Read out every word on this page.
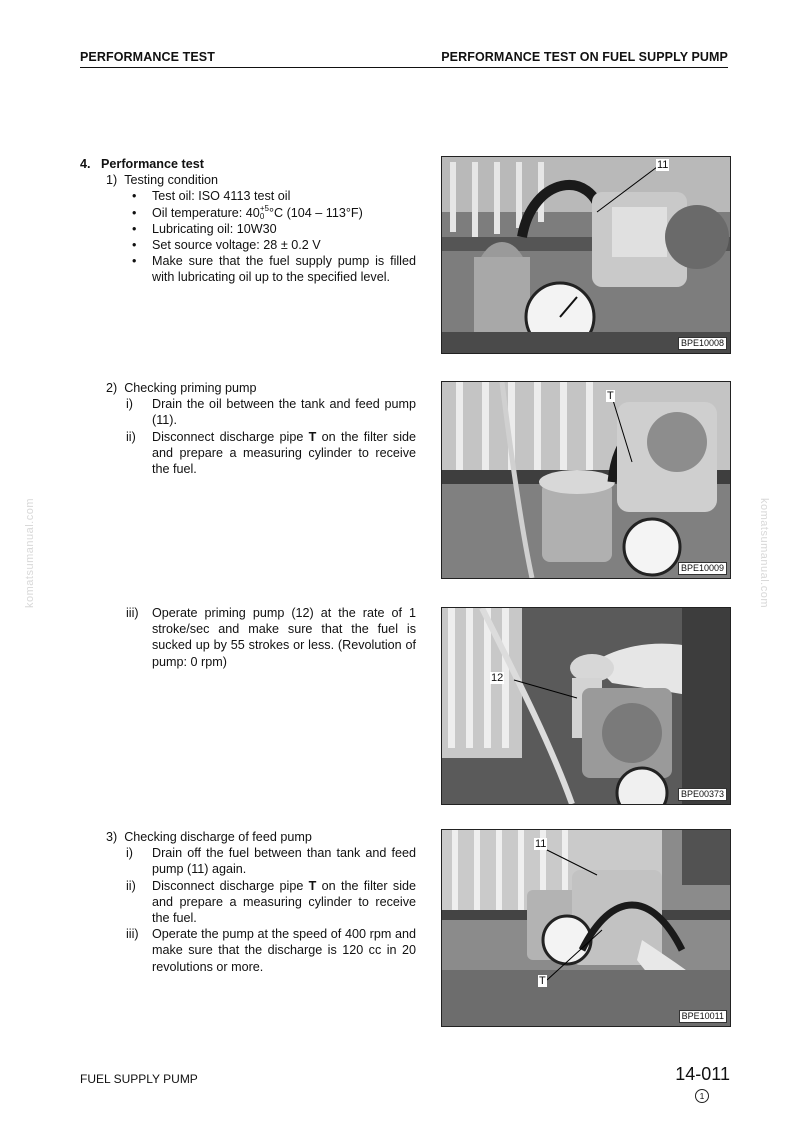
PERFORMANCE TEST	PERFORMANCE TEST ON FUEL SUPPLY PUMP
komatsumanual.com	komatsumanual.com
4. Performance test
1) Testing condition
• Test oil: ISO 4113 test oil
• Oil temperature: 40 +5
0 °C (104 – 113°F)
• Lubricating oil: 10W30
• Set source voltage: 28 ± 0.2 V
• Make sure that the fuel supply pump is filled with lubricating oil up to the specified level.
2) Checking priming pump
i) Drain the oil between the tank and feed pump (11).
ii) Disconnect discharge pipe T on the filter side and prepare a measuring cylinder to receive the fuel.
iii) Operate priming pump (12) at the rate of 1 stroke/sec and make sure that the fuel is sucked up by 55 strokes or less. (Revolution of pump: 0 rpm)
3) Checking discharge of feed pump
i) Drain off the fuel between than tank and feed pump (11) again.
ii) Disconnect discharge pipe T on the filter side and prepare a measuring cylinder to receive the fuel.
iii) Operate the pump at the speed of 400 rpm and make sure that the discharge is 120 cc in 20 revolutions or more.
11
BPE10008
T
BPE10009
12
BPE00373
11
T
BPE10011
FUEL SUPPLY PUMP	14-011
1
